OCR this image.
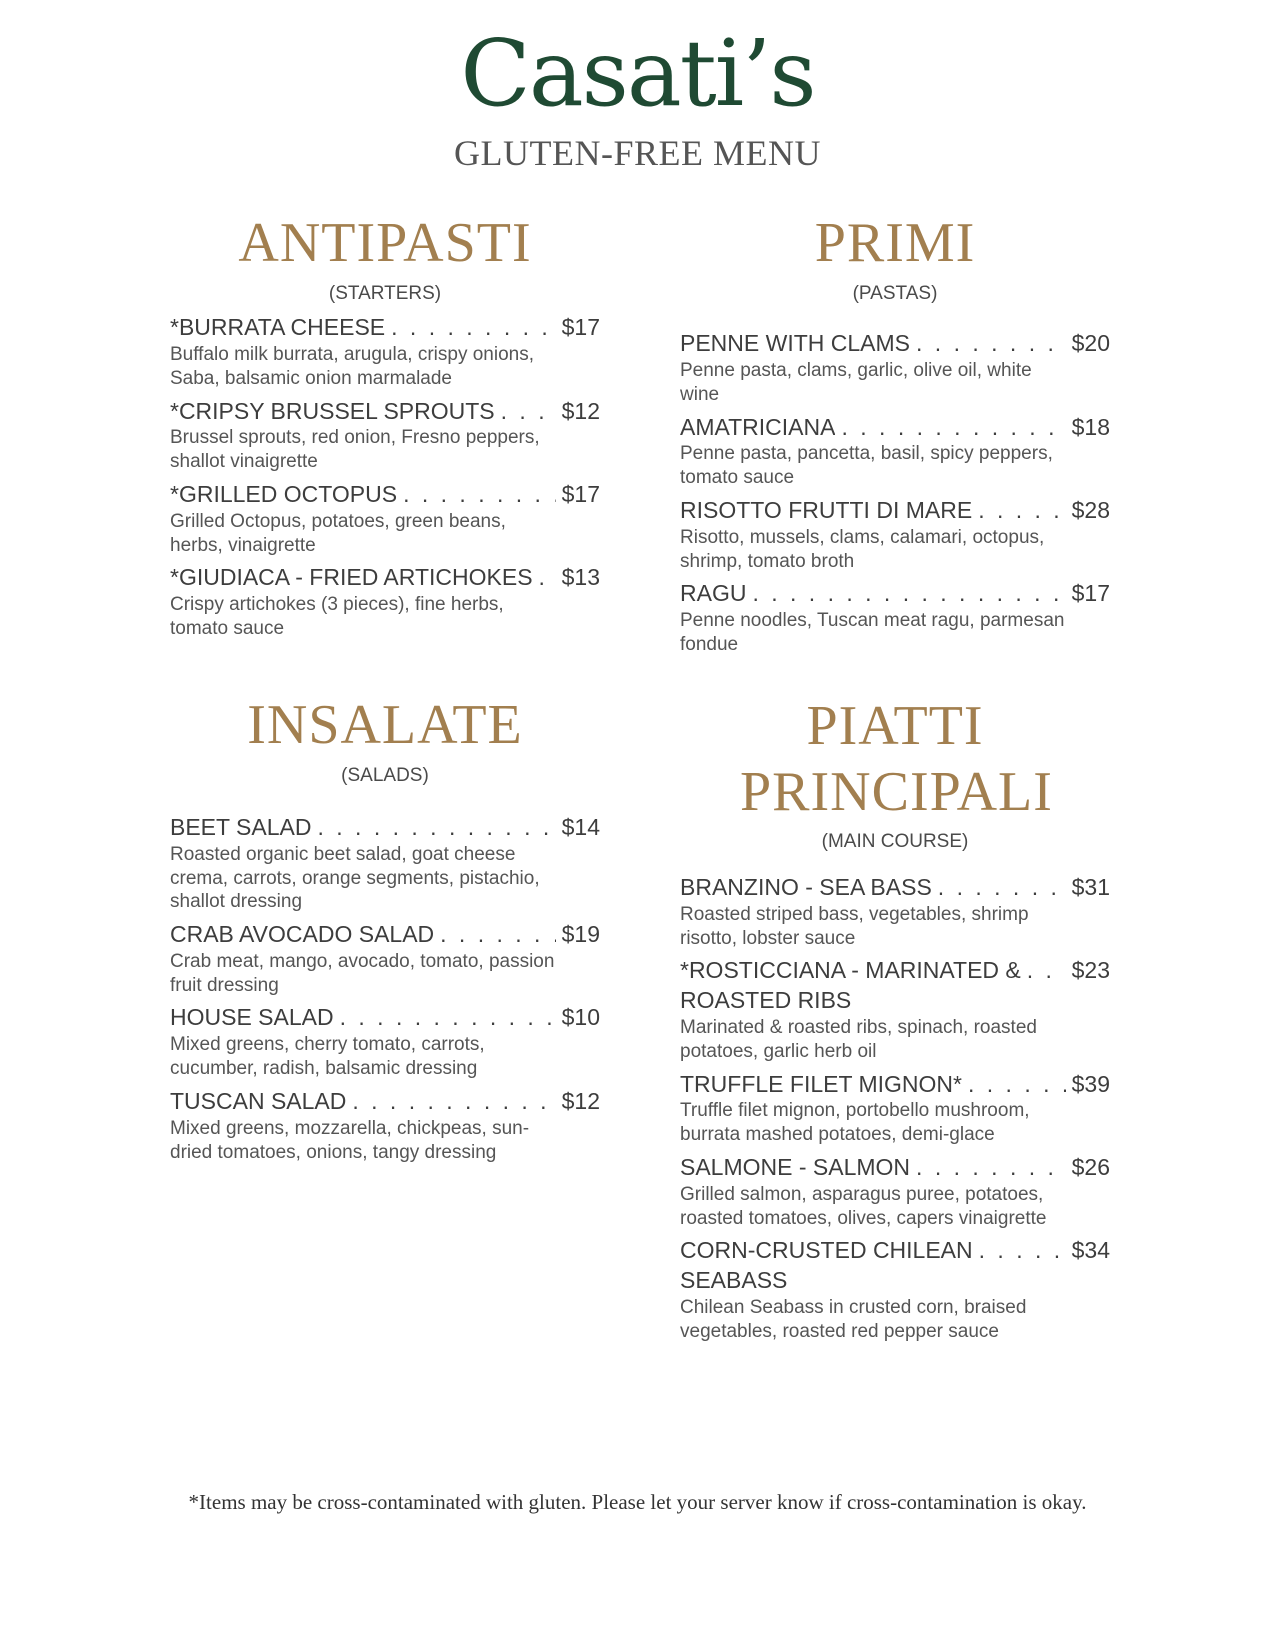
Casati’s
GLUTEN-FREE MENU
ANTIPASTI
(STARTERS)
*BURRATA CHEESE . . .	$17
Buffalo milk burrata, arugula, crispy onions, Saba, balsamic onion marmalade
*CRIPSY BRUSSEL SPROUTS . . .	$12
Brussel sprouts, red onion, Fresno peppers, shallot vinaigrette
*GRILLED OCTOPUS . . .	$17
Grilled Octopus, potatoes, green beans, herbs, vinaigrette
*GIUDIACA - FRIED ARTICHOKES . . . $13
Crispy artichokes (3 pieces), fine herbs, tomato sauce
INSALATE
(SALADS)
BEET SALAD . . .	$14
Roasted organic beet salad, goat cheese crema, carrots, orange segments, pistachio, shallot dressing
CRAB AVOCADO SALAD . . .	$19
Crab meat, mango, avocado, tomato, passion fruit dressing
HOUSE SALAD . . .	$10
Mixed greens, cherry tomato, carrots, cucumber, radish, balsamic dressing
TUSCAN SALAD . . .	$12
Mixed greens, mozzarella, chickpeas, sun-dried tomatoes, onions, tangy dressing
PRIMI
(PASTAS)
PENNE WITH CLAMS . . .	$20
Penne pasta, clams, garlic, olive oil, white wine
AMATRICIANA . . .	$18
Penne pasta, pancetta, basil, spicy peppers, tomato sauce
RISOTTO FRUTTI DI MARE . . .	$28
Risotto, mussels, clams, calamari, octopus, shrimp, tomato broth
RAGU . . .	$17
Penne noodles, Tuscan meat ragu, parmesan fondue
PIATTI PRINCIPALI
(MAIN COURSE)
BRANZINO - SEA BASS . . .	$31
Roasted striped bass, vegetables, shrimp risotto, lobster sauce
*ROSTICCIANA - MARINATED & . . . $23
ROASTED RIBS
Marinated & roasted ribs, spinach, roasted potatoes, garlic herb oil
TRUFFLE FILET MIGNON* . . .	$39
Truffle filet mignon, portobello mushroom, burrata mashed potatoes, demi-glace
SALMONE - SALMON . . .	$26
Grilled salmon, asparagus puree, potatoes, roasted tomatoes, olives, capers vinaigrette
CORN-CRUSTED CHILEAN . . .	$34
SEABASS
Chilean Seabass in crusted corn, braised vegetables, roasted red pepper sauce
*Items may be cross-contaminated with gluten. Please let your server know if cross-contamination is okay.
